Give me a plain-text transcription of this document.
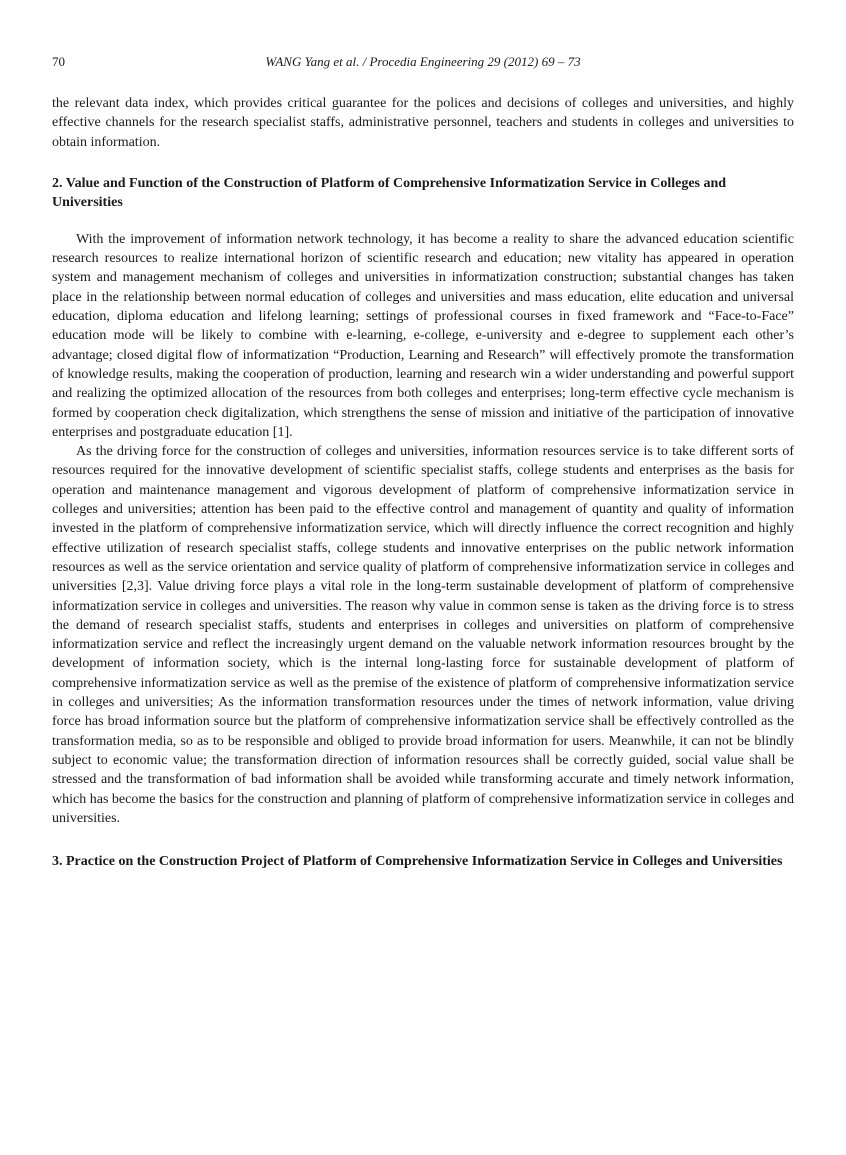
70	WANG Yang et al. / Procedia Engineering 29 (2012) 69 – 73

the relevant data index, which provides critical guarantee for the polices and decisions of colleges and universities, and highly effective channels for the research specialist staffs, administrative personnel, teachers and students in colleges and universities to obtain information.

2. Value and Function of the Construction of Platform of Comprehensive Informatization Service in Colleges and Universities

With the improvement of information network technology, it has become a reality to share the advanced education scientific research resources to realize international horizon of scientific research and education; new vitality has appeared in operation system and management mechanism of colleges and universities in informatization construction; substantial changes has taken place in the relationship between normal education of colleges and universities and mass education, elite education and universal education, diploma education and lifelong learning; settings of professional courses in fixed framework and “Face-to-Face” education mode will be likely to combine with e-learning, e-college, e-university and e-degree to supplement each other’s advantage; closed digital flow of informatization “Production, Learning and Research” will effectively promote the transformation of knowledge results, making the cooperation of production, learning and research win a wider understanding and powerful support and realizing the optimized allocation of the resources from both colleges and enterprises; long-term effective cycle mechanism is formed by cooperation check digitalization, which strengthens the sense of mission and initiative of the participation of innovative enterprises and postgraduate education [1].

As the driving force for the construction of colleges and universities, information resources service is to take different sorts of resources required for the innovative development of scientific specialist staffs, college students and enterprises as the basis for operation and maintenance management and vigorous development of platform of comprehensive informatization service in colleges and universities; attention has been paid to the effective control and management of quantity and quality of information invested in the platform of comprehensive informatization service, which will directly influence the correct recognition and highly effective utilization of research specialist staffs, college students and innovative enterprises on the public network information resources as well as the service orientation and service quality of platform of comprehensive informatization service in colleges and universities [2,3]. Value driving force plays a vital role in the long-term sustainable development of platform of comprehensive informatization service in colleges and universities. The reason why value in common sense is taken as the driving force is to stress the demand of research specialist staffs, students and enterprises in colleges and universities on platform of comprehensive informatization service and reflect the increasingly urgent demand on the valuable network information resources brought by the development of information society, which is the internal long-lasting force for sustainable development of platform of comprehensive informatization service as well as the premise of the existence of platform of comprehensive informatization service in colleges and universities; As the information transformation resources under the times of network information, value driving force has broad information source but the platform of comprehensive informatization service shall be effectively controlled as the transformation media, so as to be responsible and obliged to provide broad information for users. Meanwhile, it can not be blindly subject to economic value; the transformation direction of information resources shall be correctly guided, social value shall be stressed and the transformation of bad information shall be avoided while transforming accurate and timely network information, which has become the basics for the construction and planning of platform of comprehensive informatization service in colleges and universities.

3. Practice on the Construction Project of Platform of Comprehensive Informatization Service in Colleges and Universities
